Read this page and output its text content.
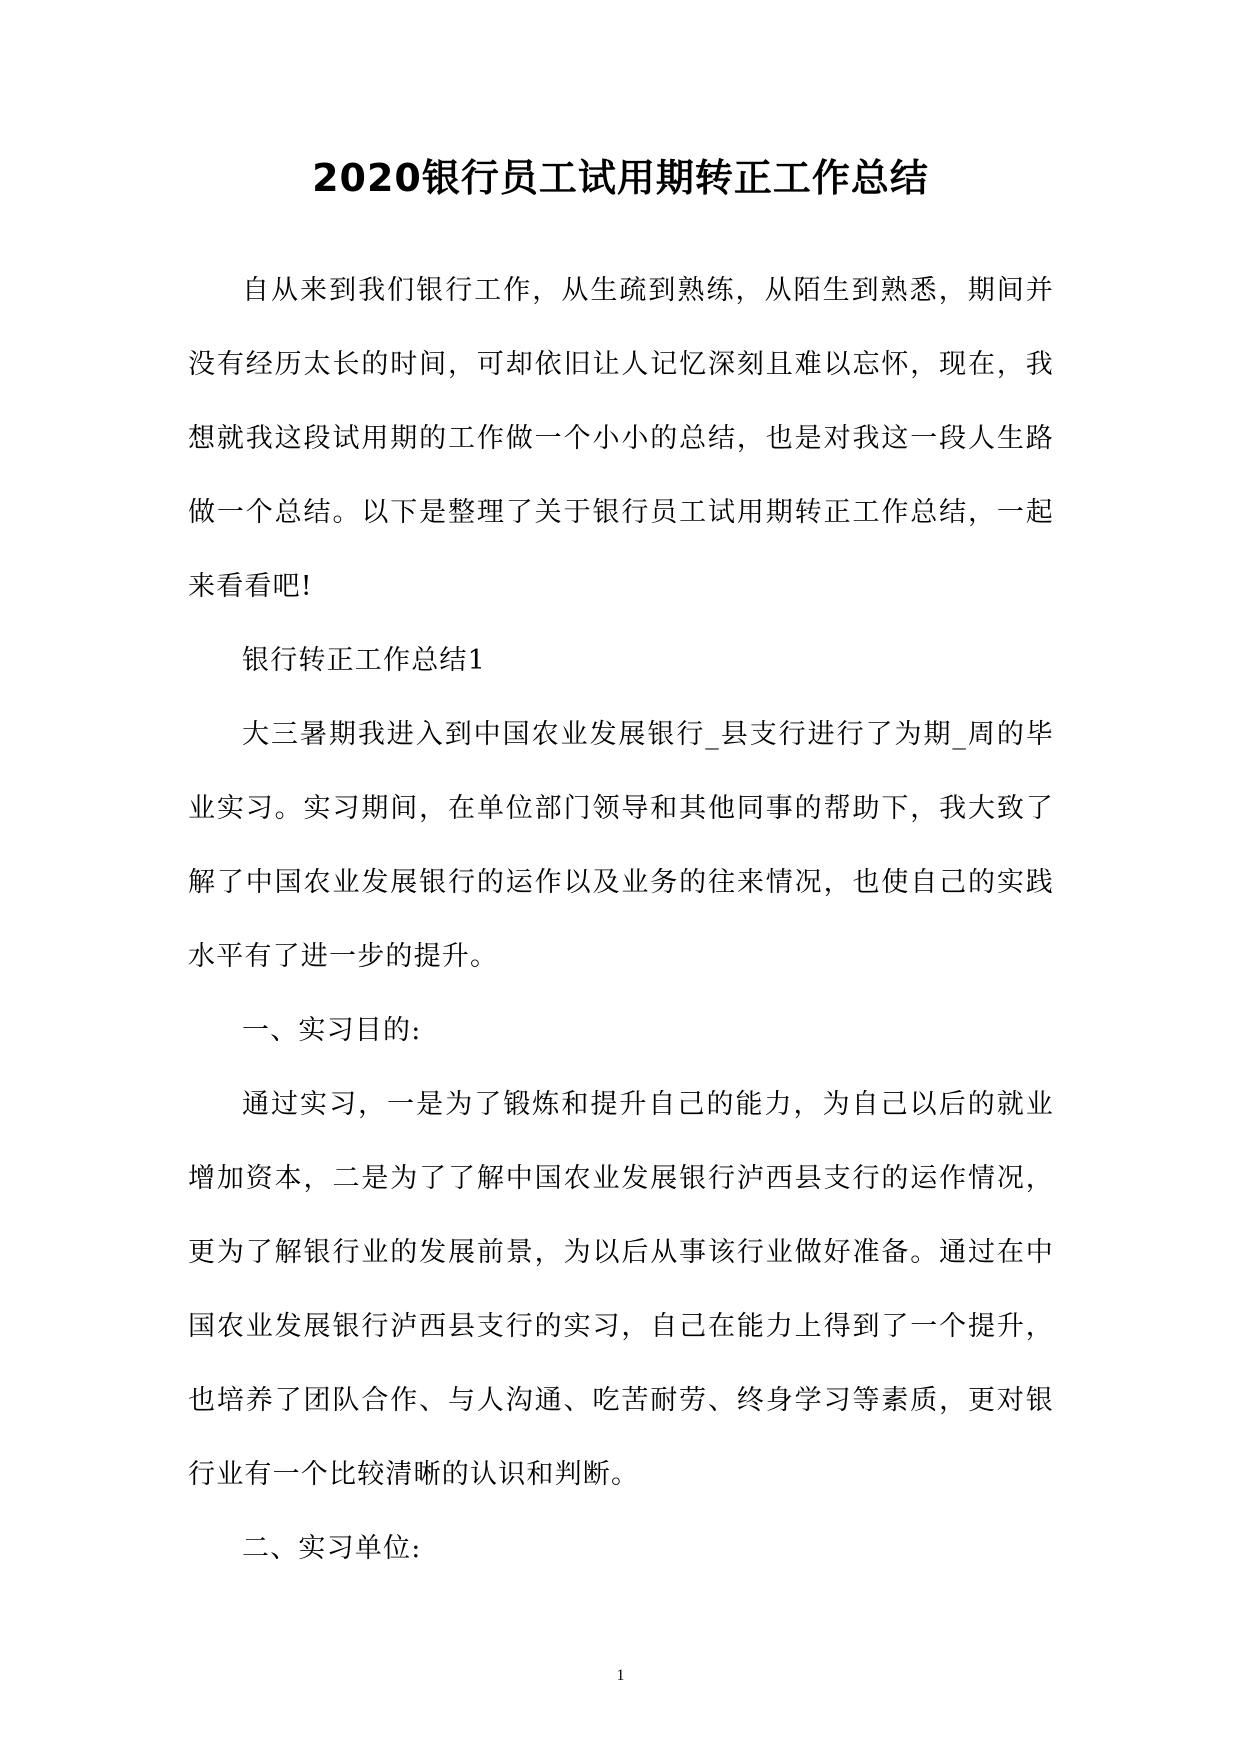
2020银行员工试用期转正工作总结

自从来到我们银行工作，从生疏到熟练，从陌生到熟悉，期间并没有经历太长的时间，可却依旧让人记忆深刻且难以忘怀，现在，我想就我这段试用期的工作做一个小小的总结，也是对我这一段人生路做一个总结。以下是整理了关于银行员工试用期转正工作总结，一起来看看吧!

银行转正工作总结1

大三暑期我进入到中国农业发展银行_县支行进行了为期_周的毕业实习。实习期间，在单位部门领导和其他同事的帮助下，我大致了解了中国农业发展银行的运作以及业务的往来情况，也使自己的实践水平有了进一步的提升。

一、实习目的:

通过实习，一是为了锻炼和提升自己的能力，为自己以后的就业增加资本，二是为了了解中国农业发展银行泸西县支行的运作情况，更为了解银行业的发展前景，为以后从事该行业做好准备。通过在中国农业发展银行泸西县支行的实习，自己在能力上得到了一个提升，也培养了团队合作、与人沟通、吃苦耐劳、终身学习等素质，更对银行业有一个比较清晰的认识和判断。

二、实习单位:

1
